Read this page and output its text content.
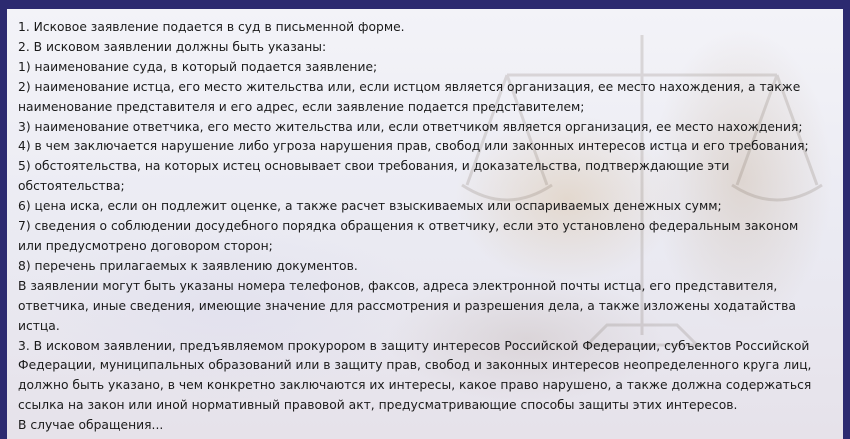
1. Исковое заявление подается в суд в письменной форме.
2. В исковом заявлении должны быть указаны:
1) наименование суда, в который подается заявление;
2) наименование истца, его место жительства или, если истцом является организация, ее место нахождения, а также
наименование представителя и его адрес, если заявление подается представителем;
3) наименование ответчика, его место жительства или, если ответчиком является организация, ее место нахождения;
4) в чем заключается нарушение либо угроза нарушения прав, свобод или законных интересов истца и его требования;
5) обстоятельства, на которых истец основывает свои требования, и доказательства, подтверждающие эти
обстоятельства;
6) цена иска, если он подлежит оценке, а также расчет взыскиваемых или оспариваемых денежных сумм;
7) сведения о соблюдении досудебного порядка обращения к ответчику, если это установлено федеральным законом
или предусмотрено договором сторон;
8) перечень прилагаемых к заявлению документов.
В заявлении могут быть указаны номера телефонов, факсов, адреса электронной почты истца, его представителя,
ответчика, иные сведения, имеющие значение для рассмотрения и разрешения дела, а также изложены ходатайства
истца.
3. В исковом заявлении, предъявляемом прокурором в защиту интересов Российской Федерации, субъектов Российской
Федерации, муниципальных образований или в защиту прав, свобод и законных интересов неопределенного круга лиц,
должно быть указано, в чем конкретно заключаются их интересы, какое право нарушено, а также должна содержаться
ссылка на закон или иной нормативный правовой акт, предусматривающие способы защиты этих интересов.
В случае обращения...
